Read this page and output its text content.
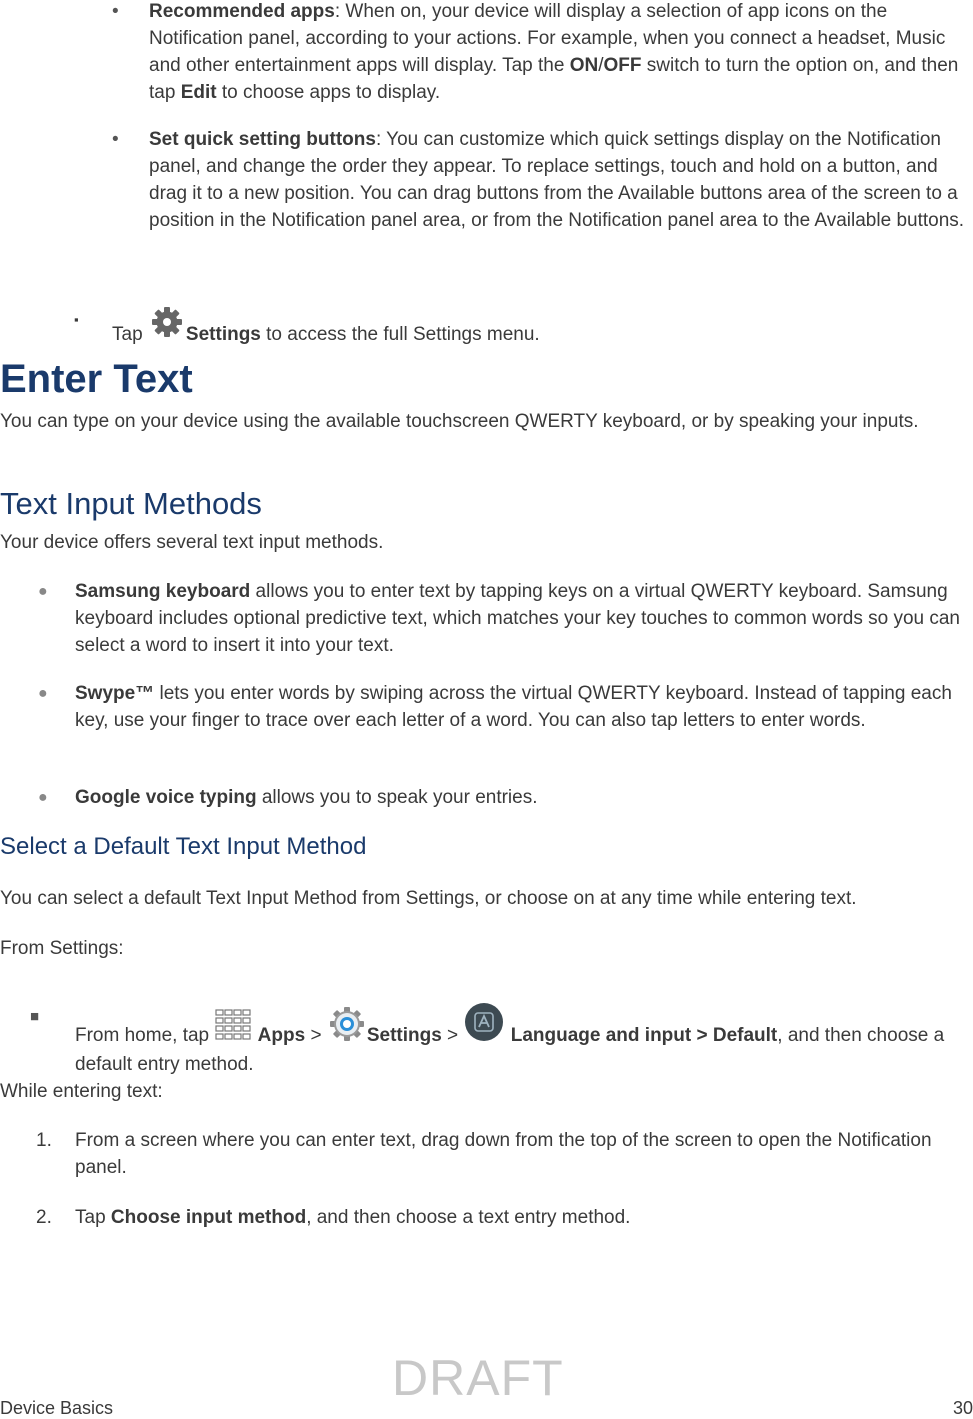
• Recommended apps: When on, your device will display a selection of app icons on the Notification panel, according to your actions. For example, when you connect a headset, Music and other entertainment apps will display. Tap the ON/OFF switch to turn the option on, and then tap Edit to choose apps to display.
• Set quick setting buttons: You can customize which quick settings display on the Notification panel, and change the order they appear. To replace settings, touch and hold on a button, and drag it to a new position. You can drag buttons from the Available buttons area of the screen to a position in the Notification panel area, or from the Notification panel area to the Available buttons.
▪
Tap Settings to access the full Settings menu.
Enter Text
You can type on your device using the available touchscreen QWERTY keyboard, or by speaking your inputs.
Text Input Methods
Your device offers several text input methods.
● Samsung keyboard allows you to enter text by tapping keys on a virtual QWERTY keyboard. Samsung keyboard includes optional predictive text, which matches your key touches to common words so you can select a word to insert it into your text.
● Swype™ lets you enter words by swiping across the virtual QWERTY keyboard. Instead of tapping each key, use your finger to trace over each letter of a word. You can also tap letters to enter words.
● Google voice typing allows you to speak your entries.
Select a Default Text Input Method
You can select a default Text Input Method from Settings, or choose on at any time while entering text.
From Settings:
■
From home, tap  Apps > Settings >  Language and input > Default, and then choose a default entry method.
While entering text:
1. From a screen where you can enter text, drag down from the top of the screen to open the Notification panel.
2. Tap Choose input method, and then choose a text entry method.
DRAFT
Device Basics	30
